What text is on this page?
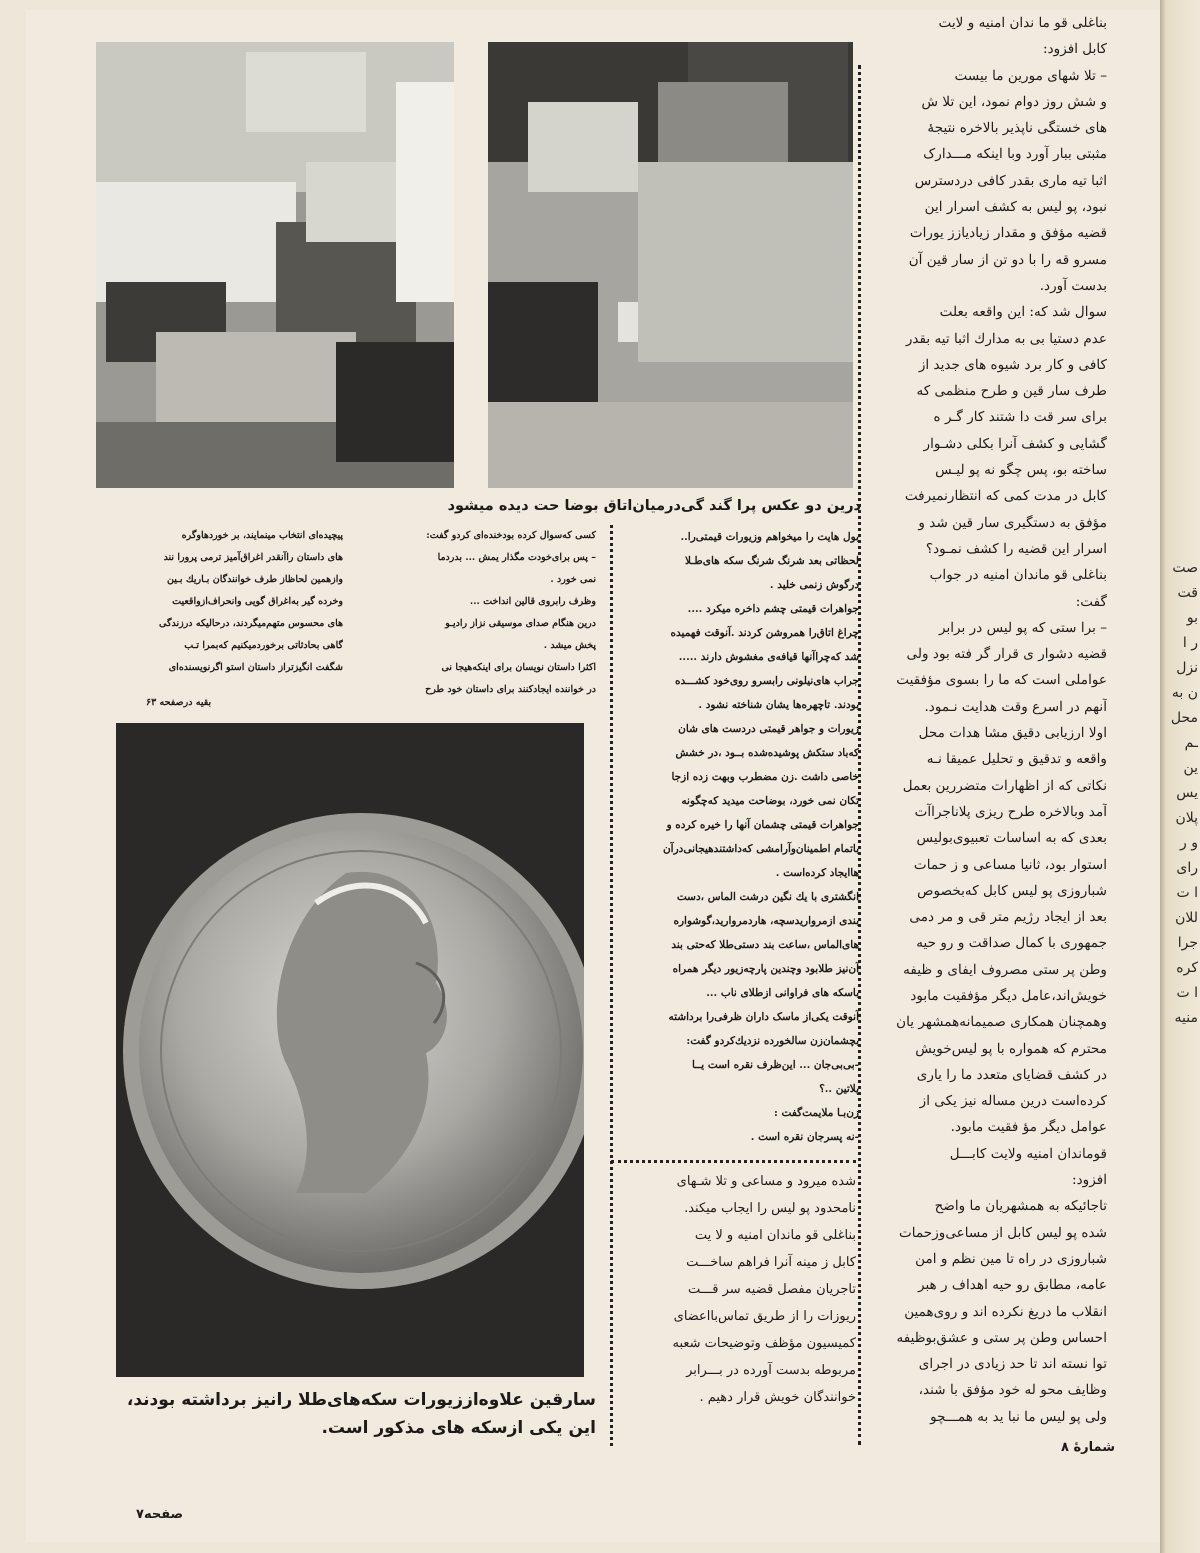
درین دو عکس پرا گند گی‌درمیان‌اتاق بوضا حت دیده میشود
بناغلی قو ما ندان امنیه و لایت
کابل افزود:
– تلا شهای مورین ما بیست
و شش روز دوام نمود، این تلا ش
های خستگی ناپذیر بالاخره نتیجهٔ
مثبتی ببار آورد وبا اینکه مـــدارک
اثبا تیه ماری بقدر کافی دردسترس
نبود، پو لیس به کشف اسرار این
قضیه مؤفق و مقدار زیادیازز یورات
مسرو قه را با دو تن از سار قین آن
بدست آورد.
سوال شد که: این واقعه بعلت
عدم دستیا بی به مدارك اثبا تیه بقدر
کافی و کار برد شیوه های جدید از
طرف سار قین و طرح منظمی که
برای سر قت دا شتند کار گـر ه
گشایی و کشف آنرا بکلی دشـوار
ساخته بو، پس چگو نه پو لیـس
کابل در مدت کمی که انتظارنمیرفت
مؤفق به دستگیری سار قین شد و
اسرار این قضیه را کشف نمـود؟
بناغلی قو ماندان امنیه در جواب
گفت:
– برا ستی که پو لیس در برابر
قضیه دشوار ی قرار گر فته بود ولی
عواملی است که ما را بسوی مؤفقیت
آنهم در اسرع وقت هدایت نـمود.
اولا ارزیابی دقیق مشا هدات محل
واقعه و تدقیق و تحلیل عمیقا نـه
نکاتی که از اظهارات متضررین بعمل
آمد وبالاخره طرح ریزی پلاناجراآت
بعدی که به اساسات تعبیوی‌بولیس
استوار بود، ثانیا مساعی و ز حمات
شباروزی پو لیس کابل که‌بخصوص
بعد از ایجاد رژیم متر قی و مر دمی
جمهوری با کمال صداقت و رو حیه
وطن پر ستی مصروف ایفای و ظیفه
خویش‌اند،عامل دیگر مؤفقیت مابود
وهمچنان همکاری صمیمانه‌همشهر یان
محترم که همواره با پو لیس‌خویش
در کشف قضایای متعدد ما را یاری
کرده‌است درین مساله نیز یکی از
عوامل دیگر مؤ فقیت مابود.
قوماندان امنیه ولایت کابـــل
افزود:
تاجائیکه به همشهریان ما واضح
شده پو لیس کابل از مساعی‌وزحمات
شباروزی در راه تا مین نظم و امن
عامه، مطابق رو حیه اهداف ر هبر
انقلاب ما دریغ نکرده اند و روی‌همین
احساس وطن پر ستی و عشق‌بوظیفه
توا نسته اند تا حد زیادی در اجرای
وظایف محو له خود مؤفق با شند،
ولی پو لیس ما نبا ید به همـــچو

بول هایت را میخواهم وزیورات قیمتی‌را..
لحظاتی بعد شرنگ شرنگ سکه های‌طـلا
درگوش زنمی خلید .
جواهرات قیمتی چشم داخره میکرد ....
چراغ اتاق‌را همروشن کردند .آنوقت فهمیده
شد که‌چراآنها قیافه‌ی مغشوش دارند .....
جراب های‌نیلونی رابسرو روی‌خود کشـــده
بودند. تاچهره‌ها یشان شناخته نشود .
زیورات و جواهر قیمتی دردست های شان
که‌باد ستکش پوشیده‌شده بــود ،در خشش
خاصی داشت .زن مضطرب وبهت زده ازجا
تکان نمی خورد، بوضاحت میدید که‌چگونه
جواهرات قیمتی چشمان آنها را خیره کرده و
باتمام اطمینان‌وآرامشی که‌داشتندهیجانی‌درآن
هاایجاد کرده‌است .
انگشتری با یك نگین درشت الماس ،دست
بندی ازمرواریدسچه، هاردمروارید،گوشواره
های‌الماس ،ساعت بند دستی‌طلا که‌حتی بند
آن‌نیز طلابود وچندین پارچه‌زیور دیگر همراه
باسکه های فراوانی ازطلای ناب ...
آنوقت یکی‌از ماسک داران ظرفی‌را برداشته
بچشمان‌زن سالخورده نزدیك‌کردو گفت:
-بی‌بی‌جان ... این‌ظرف نقره است یــا
پلاتین ..؟
زن‌بـا ملایمت‌گفت :
-نه پسرجان نقره است .
کسی که‌سوال کرده بودخنده‌ای کردو گفت:
– پس برای‌خودت مگذار یمش ... بدردما
نمی خورد .
وظرف رابروی قالین انداخت ...
درین هنگام صدای موسیقی نزاز رادیـو
پخش میشد .
اکثرا داستان نویسان برای اینکه‌هیجا نی
در خواننده ایجادکنند برای داستان خود طرح
پیچیده‌ای انتخاب مینمایند، بر خوردهاوگره
های داستان راآنقدر اغراق‌آمیز ترمی پرورا نند
وازهمین لحاظاز طرف خوانندگان بـاریك بـین
وخرده گیر به‌اغراق گویی وانحراف‌ازواقعیت
های محسوس متهم‌میگردند، درحالیکه درزندگی
گاهی بحادثاتی برخوردمیکنیم که‌بمرا تـب
شگفت انگیزتراز داستان استو اگرنویسنده‌ای
بقیه درصفحه ۶۳
شده میرود و مساعی و تلا شـهای
نامحدود پو لیس را ایجاب میکند.
بناغلی قو ماندان امنیه و لا یت
کابل ز مینه آنرا فراهم ساخـــت
تاجریان مفصل قضیه سر قـــت
ریوزات را از طریق تماس‌بااعضای
کمیسیون مؤظف وتوضیحات شعبه
مربوطه بدست آورده در بـــرابر
خوانندگان خویش قرار دهیم .
سارقین علاوه‌اززیورات سکه‌های‌طلا رانیز برداشته بودند، این یکی ازسکه های مذکور است.
صفحه۷
شمارهٔ ۸
صت
قت
بو
ر ا
نزل
ن به
محل
ـم
ین
یس
پلان
و ر
رای
ا ت
للان
جرا
کره
ا ت
منیه
